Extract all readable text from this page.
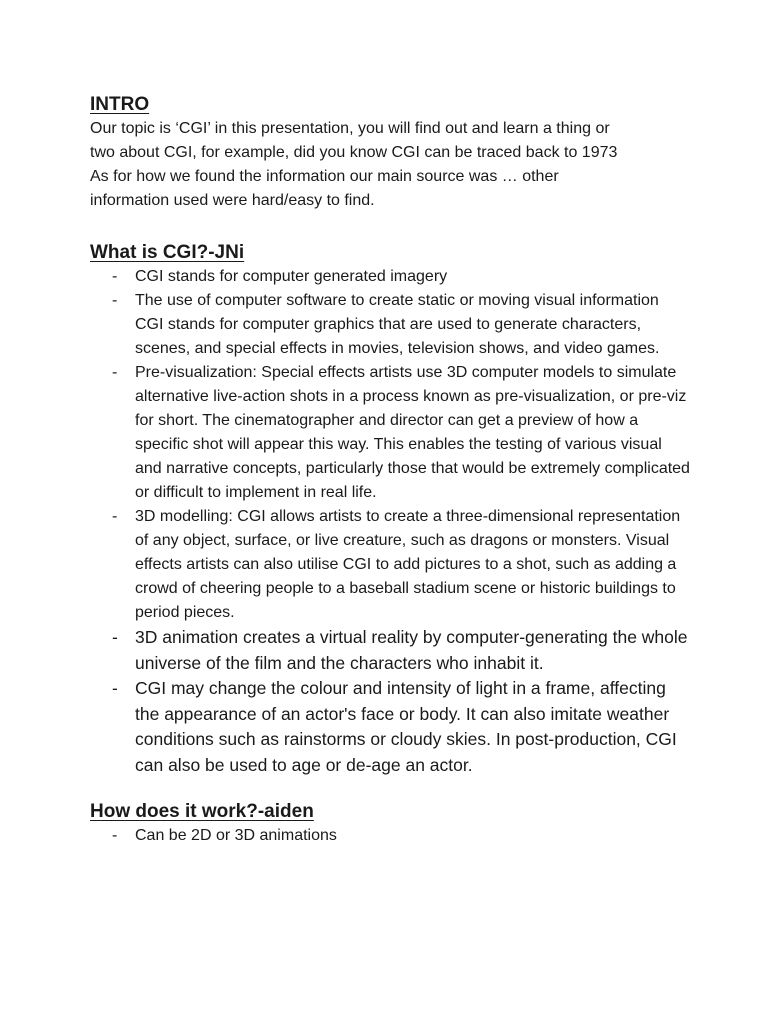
INTRO

Our topic is ‘CGI’ in this presentation, you will find out and learn a thing or
two about CGI, for example, did you know CGI can be traced back to 1973
As for how we found the information our main source was … other
information used were hard/easy to find.

What is CGI?-JNi
- CGI stands for computer generated imagery
- The use of computer software to create static or moving visual information CGI stands for computer graphics that are used to generate characters, scenes, and special effects in movies, television shows, and video games.
- Pre-visualization: Special effects artists use 3D computer models to simulate alternative live-action shots in a process known as pre-visualization, or pre-viz for short. The cinematographer and director can get a preview of how a specific shot will appear this way. This enables the testing of various visual and narrative concepts, particularly those that would be extremely complicated or difficult to implement in real life.
- 3D modelling: CGI allows artists to create a three-dimensional representation of any object, surface, or live creature, such as dragons or monsters. Visual effects artists can also utilise CGI to add pictures to a shot, such as adding a crowd of cheering people to a baseball stadium scene or historic buildings to period pieces.
- 3D animation creates a virtual reality by computer-generating the whole universe of the film and the characters who inhabit it.
- CGI may change the colour and intensity of light in a frame, affecting the appearance of an actor's face or body. It can also imitate weather conditions such as rainstorms or cloudy skies. In post-production, CGI can also be used to age or de-age an actor.
How does it work?-aiden
- Can be 2D or 3D animations
